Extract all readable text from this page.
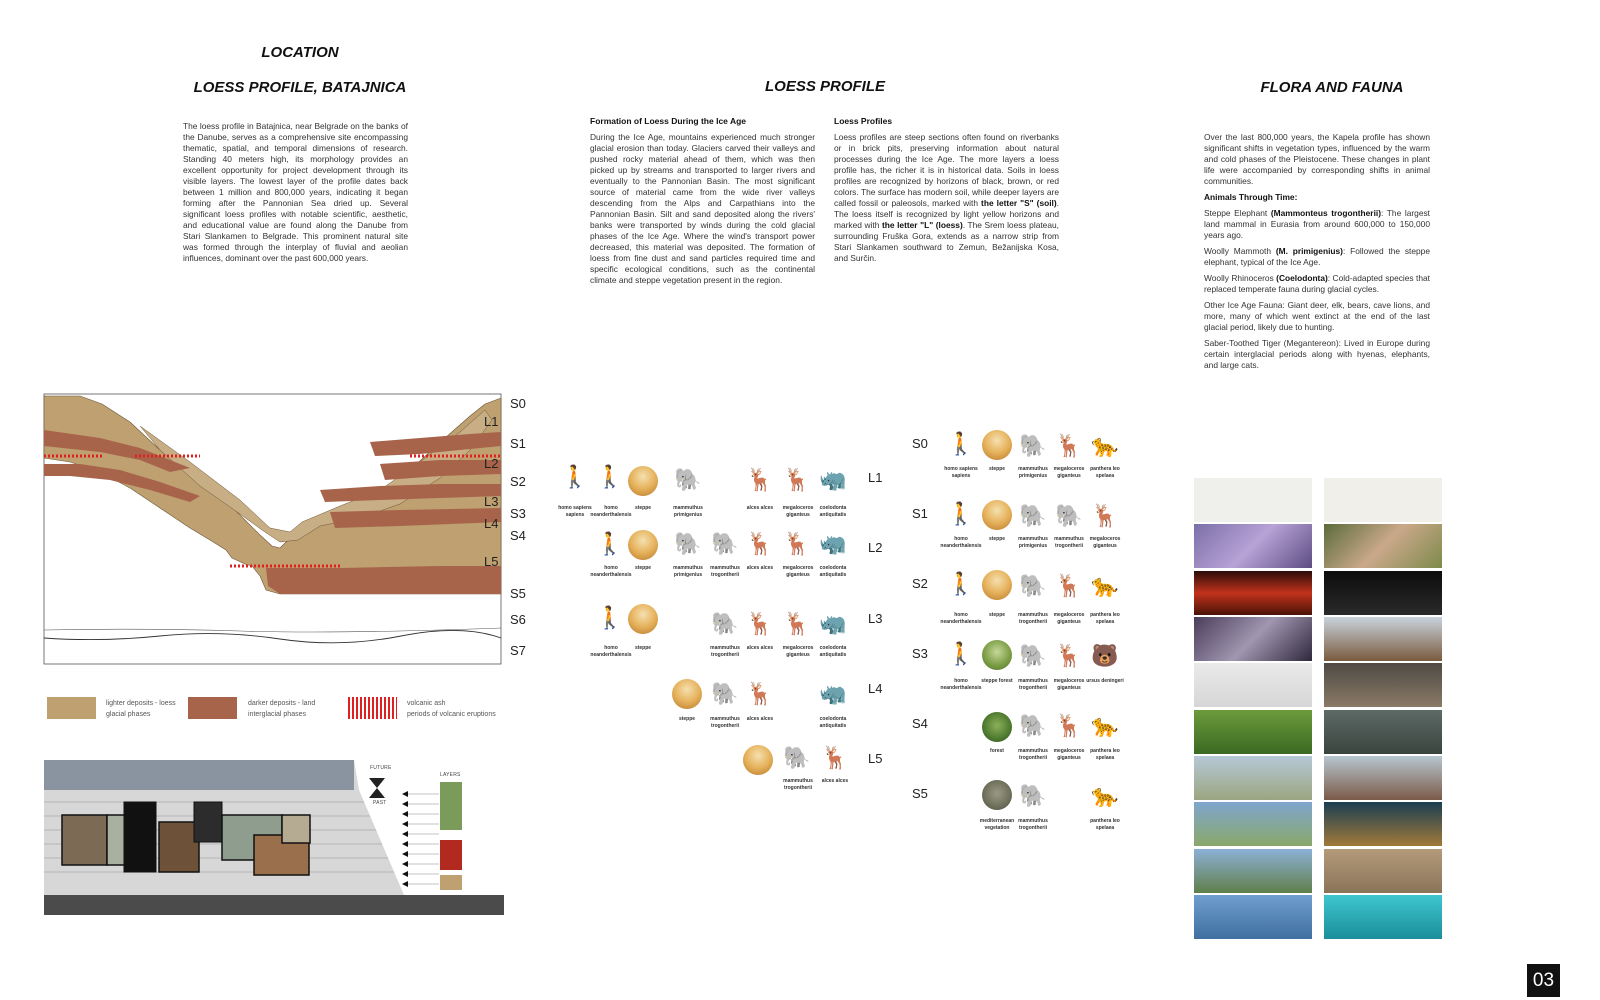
LOCATION
LOESS PROFILE, BATAJNICA
The loess profile in Batajnica, near Belgrade on the banks of the Danube, serves as a comprehensive site encompassing thematic, spatial, and temporal dimensions of research. Standing 40 meters high, its morphology provides an excellent opportunity for project development through its visible layers. The lowest layer of the profile dates back between 1 million and 800,000 years, indicating it began forming after the Pannonian Sea dried up. Several significant loess profiles with notable scientific, aesthetic, and educational value are found along the Danube from Stari Slankamen to Belgrade. This prominent natural site was formed through the interplay of fluvial and aeolian influences, dominant over the past 600,000 years.
S0
L1
S1
L2
S2
L3
S3
L4
S4
L5
S5
S6
S7
lighter deposits - loess
glacial phases
darker deposits - land
interglacial phases
volcanic ash
periods of volcanic eruptions
FUTURE
PAST
LAYERS
LOESS PROFILE
Formation of Loess During the Ice Age
During the Ice Age, mountains experienced much stronger glacial erosion than today. Glaciers carved their valleys and pushed rocky material ahead of them, which was then picked up by streams and transported to larger rivers and eventually to the Pannonian Basin. The most significant source of material came from the wide river valleys descending from the Alps and Carpathians into the Pannonian Basin. Silt and sand deposited along the rivers' banks were transported by winds during the cold glacial phases of the Ice Age. Where the wind's transport power decreased, this material was deposited. The formation of loess from fine dust and sand particles required time and specific ecological conditions, such as the continental climate and steppe vegetation present in the region.
Loess Profiles
Loess profiles are steep sections often found on riverbanks or in brick pits, preserving information about natural processes during the Ice Age. The more layers a loess profile has, the richer it is in historical data. Soils in loess profiles are recognized by horizons of black, brown, or red colors. The surface has modern soil, while deeper layers are called fossil or paleosols, marked with the letter "S" (soil). The loess itself is recognized by light yellow horizons and marked with the letter "L" (loess). The Srem loess plateau, surrounding Fruška Gora, extends as a narrow strip from Stari Slankamen southward to Zemun, Bežanijska Kosa, and Surčin.
L1
L2
L3
L4
L5
🚶
homo sapiens sapiens
🚶
homo neanderthalensis
steppe
🐘
mammuthus primigenius
🦌
alces alces
🦌
megaloceros giganteus
🦏
coelodonta antiquitatis
🚶
homo neanderthalensis
steppe
🐘
mammuthus primigenius
🐘
mammuthus trogontherii
🦌
alces alces
🦌
megaloceros giganteus
🦏
coelodonta antiquitatis
🚶
homo neanderthalensis
steppe
🐘
mammuthus trogontherii
🦌
alces alces
🦌
megaloceros giganteus
🦏
coelodonta antiquitatis
steppe
🐘
mammuthus trogontherii
🦌
alces alces
🦏
coelodonta antiquitatis
🐘
mammuthus trogontherii
🦌
alces alces
S0
S1
S2
S3
S4
S5
🚶
homo sapiens sapiens
steppe
🐘
mammuthus primigenius
🦌
megaloceros giganteus
🐆
panthera leo spelaea
🚶
homo neanderthalensis
steppe
🐘
mammuthus primigenius
🐘
mammuthus trogontherii
🦌
megaloceros giganteus
🚶
homo neanderthalensis
steppe
🐘
mammuthus trogontherii
🦌
megaloceros giganteus
🐆
panthera leo spelaea
🚶
homo neanderthalensis
steppe forest
🐘
mammuthus trogontherii
🦌
megaloceros giganteus
🐻
ursus deningeri
forest
🐘
mammuthus trogontherii
🦌
megaloceros giganteus
🐆
panthera leo spelaea
mediterranean vegetation
🐘
mammuthus trogontherii
🐆
panthera leo spelaea
FLORA AND FAUNA

Over the last 800,000 years, the Kapela profile has shown significant shifts in vegetation types, influenced by the warm and cold phases of the Pleistocene. These changes in plant life were accompanied by corresponding shifts in animal communities.

Animals Through Time:

Steppe Elephant (Mammonteus trogontherii): The largest land mammal in Eurasia from around 600,000 to 150,000 years ago.

Woolly Mammoth (M. primigenius): Followed the steppe elephant, typical of the Ice Age.

Woolly Rhinoceros (Coelodonta): Cold-adapted species that replaced temperate fauna during glacial cycles.

Other Ice Age Fauna: Giant deer, elk, bears, cave lions, and more, many of which went extinct at the end of the last glacial period, likely due to hunting.

Saber-Toothed Tiger (Megantereon): Lived in Europe during certain interglacial periods along with hyenas, elephants, and large cats.

03
